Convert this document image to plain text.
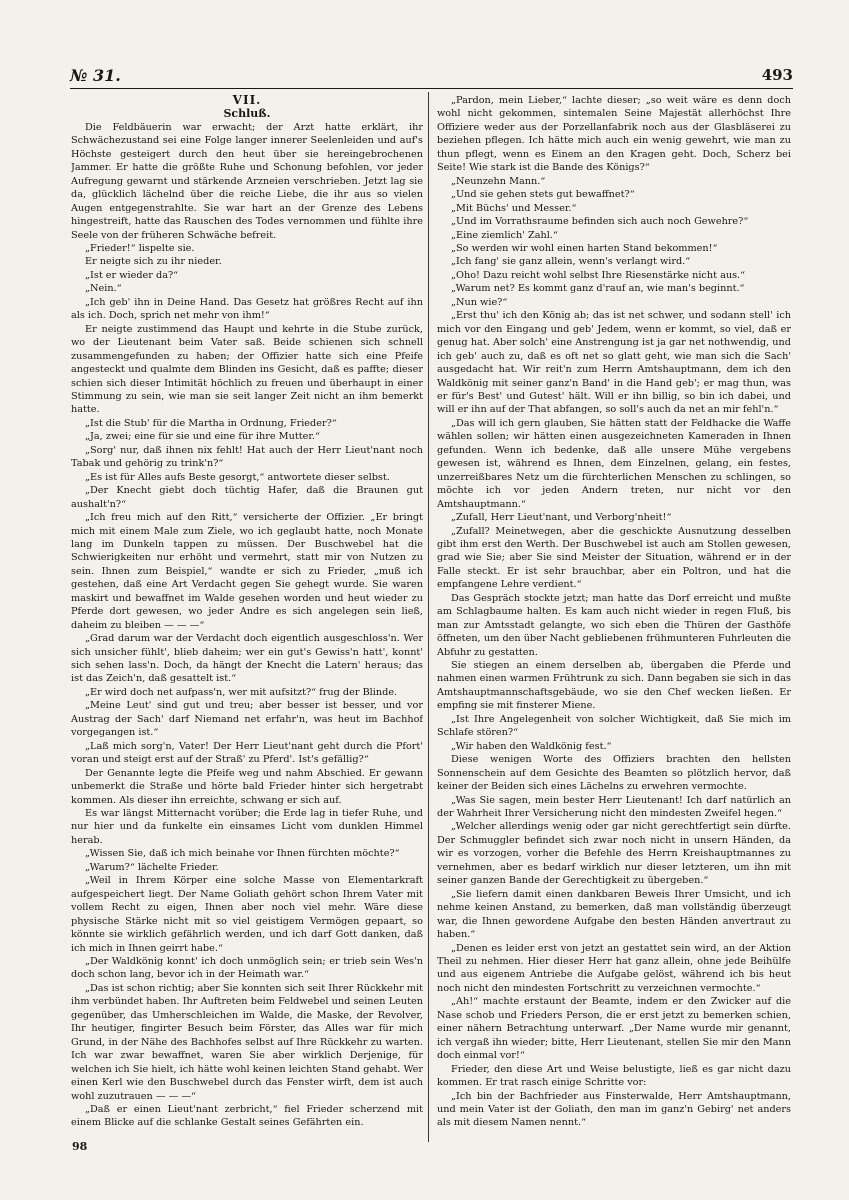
№ 31.	493

VII.

Schluß.

Die Feldbäuerin war erwacht; der Arzt hatte erklärt, ihr Schwächezustand sei eine Folge langer innerer Seelenleiden und auf's Höchste gesteigert durch den heut über sie hereingebrochenen Jammer. Er hatte die größte Ruhe und Schonung befohlen, vor jeder Aufregung gewarnt und stärkende Arzneien verschrieben. Jetzt lag sie da, glücklich lächelnd über die reiche Liebe, die ihr aus so vielen Augen entgegenstrahlte. Sie war hart an der Grenze des Lebens hingestreift, hatte das Rauschen des Todes vernommen und fühlte ihre Seele von der früheren Schwäche befreit.

„Frieder!“ lispelte sie.

Er neigte sich zu ihr nieder.

„Ist er wieder da?“

„Nein.“

„Ich geb' ihn in Deine Hand. Das Gesetz hat größres Recht auf ihn als ich. Doch, sprich net mehr von ihm!“

Er neigte zustimmend das Haupt und kehrte in die Stube zurück, wo der Lieutenant beim Vater saß. Beide schienen sich schnell zusammengefunden zu haben; der Offizier hatte sich eine Pfeife angesteckt und qualmte dem Blinden ins Gesicht, daß es paffte; dieser schien sich dieser Intimität höchlich zu freuen und überhaupt in einer Stimmung zu sein, wie man sie seit langer Zeit nicht an ihm bemerkt hatte.

„Ist die Stub' für die Martha in Ordnung, Frieder?“

„Ja, zwei; eine für sie und eine für ihre Mutter.“

„Sorg' nur, daß ihnen nix fehlt! Hat auch der Herr Lieut'nant noch Tabak und gehörig zu trink'n?“

„Es ist für Alles aufs Beste gesorgt,“ antwortete dieser selbst.

„Der Knecht giebt doch tüchtig Hafer, daß die Braunen gut aushalt'n?“

„Ich freu mich auf den Ritt,“ versicherte der Offizier. „Er bringt mich mit einem Male zum Ziele, wo ich geglaubt hatte, noch Monate lang im Dunkeln tappen zu müssen. Der Buschwebel hat die Schwierigkeiten nur erhöht und vermehrt, statt mir von Nutzen zu sein. Ihnen zum Beispiel,“ wandte er sich zu Frieder, „muß ich gestehen, daß eine Art Verdacht gegen Sie gehegt wurde. Sie waren maskirt und bewaffnet im Walde gesehen worden und heut wieder zu Pferde dort gewesen, wo jeder Andre es sich angelegen sein ließ, daheim zu bleiben — — —“

„Grad darum war der Verdacht doch eigentlich ausgeschloss'n. Wer sich unsicher fühlt', blieb daheim; wer ein gut's Gewiss'n hatt', konnt' sich sehen lass'n. Doch, da hängt der Knecht die Latern' heraus; das ist das Zeich'n, daß gesattelt ist.“

„Er wird doch net aufpass'n, wer mit aufsitzt?“ frug der Blinde.

„Meine Leut' sind gut und treu; aber besser ist besser, und vor Austrag der Sach' darf Niemand net erfahr'n, was heut im Bachhof vorgegangen ist.“

„Laß mich sorg'n, Vater! Der Herr Lieut'nant geht durch die Pfort' voran und steigt erst auf der Straß' zu Pferd'. Ist's gefällig?“

Der Genannte legte die Pfeife weg und nahm Abschied. Er gewann unbemerkt die Straße und hörte bald Frieder hinter sich hergetrabt kommen. Als dieser ihn erreichte, schwang er sich auf.

Es war längst Mitternacht vorüber; die Erde lag in tiefer Ruhe, und nur hier und da funkelte ein einsames Licht vom dunklen Himmel herab.

„Wissen Sie, daß ich mich beinahe vor Ihnen fürchten möchte?“

„Warum?“ lächelte Frieder.

„Weil in Ihrem Körper eine solche Masse von Elementarkraft aufgespeichert liegt. Der Name Goliath gehört schon Ihrem Vater mit vollem Recht zu eigen, Ihnen aber noch viel mehr. Wäre diese physische Stärke nicht mit so viel geistigem Vermögen gepaart, so könnte sie wirklich gefährlich werden, und ich darf Gott danken, daß ich mich in Ihnen geirrt habe.“

„Der Waldkönig konnt' ich doch unmöglich sein; er trieb sein Wes'n doch schon lang, bevor ich in der Heimath war.“

„Das ist schon richtig; aber Sie konnten sich seit Ihrer Rückkehr mit ihm verbündet haben. Ihr Auftreten beim Feldwebel und seinen Leuten gegenüber, das Umherschleichen im Walde, die Maske, der Revolver, Ihr heutiger, fingirter Besuch beim Förster, das Alles war für mich Grund, in der Nähe des Bachhofes selbst auf Ihre Rückkehr zu warten. Ich war zwar bewaffnet, waren Sie aber wirklich Derjenige, für welchen ich Sie hielt, ich hätte wohl keinen leichten Stand gehabt. Wer einen Kerl wie den Buschwebel durch das Fenster wirft, dem ist auch wohl zuzutrauen — — —“

„Daß er einen Lieut'nant zerbricht,“ fiel Frieder scherzend mit einem Blicke auf die schlanke Gestalt seines Gefährten ein.

„Pardon, mein Lieber,“ lachte dieser; „so weit wäre es denn doch wohl nicht gekommen, sintemalen Seine Majestät allerhöchst Ihre Offiziere weder aus der Porzellanfabrik noch aus der Glasbläserei zu beziehen pflegen. Ich hätte mich auch ein wenig gewehrt, wie man zu thun pflegt, wenn es Einem an den Kragen geht. Doch, Scherz bei Seite! Wie stark ist die Bande des Königs?“

„Neunzehn Mann.“

„Und sie gehen stets gut bewaffnet?“

„Mit Büchs' und Messer.“

„Und im Vorrathsraume befinden sich auch noch Gewehre?“

„Eine ziemlich' Zahl.“

„So werden wir wohl einen harten Stand bekommen!“

„Ich fang' sie ganz allein, wenn's verlangt wird.“

„Oho! Dazu reicht wohl selbst Ihre Riesenstärke nicht aus.“

„Warum net? Es kommt ganz d'rauf an, wie man's beginnt.“

„Nun wie?“

„Erst thu' ich den König ab; das ist net schwer, und sodann stell' ich mich vor den Eingang und geb' Jedem, wenn er kommt, so viel, daß er genug hat. Aber solch' eine Anstrengung ist ja gar net nothwendig, und ich geb' auch zu, daß es oft net so glatt geht, wie man sich die Sach' ausgedacht hat. Wir reit'n zum Herrn Amtshauptmann, dem ich den Waldkönig mit seiner ganz'n Band' in die Hand geb'; er mag thun, was er für's Best' und Gutest' hält. Will er ihn billig, so bin ich dabei, und will er ihn auf der That abfangen, so soll's auch da net an mir fehl'n.“

„Das will ich gern glauben, Sie hätten statt der Feldhacke die Waffe wählen sollen; wir hätten einen ausgezeichneten Kameraden in Ihnen gefunden. Wenn ich bedenke, daß alle unsere Mühe vergebens gewesen ist, während es Ihnen, dem Einzelnen, gelang, ein festes, unzerreißbares Netz um die fürchterlichen Menschen zu schlingen, so möchte ich vor jeden Andern treten, nur nicht vor den Amtshauptmann.“

„Zufall, Herr Lieut'nant, und Verborg'nheit!“

„Zufall? Meinetwegen, aber die geschickte Ausnutzung desselben gibt ihm erst den Werth. Der Buschwebel ist auch am Stollen gewesen, grad wie Sie; aber Sie sind Meister der Situation, während er in der Falle steckt. Er ist sehr brauchbar, aber ein Poltron, und hat die empfangene Lehre verdient.“

Das Gespräch stockte jetzt; man hatte das Dorf erreicht und mußte am Schlagbaume halten. Es kam auch nicht wieder in regen Fluß, bis man zur Amtsstadt gelangte, wo sich eben die Thüren der Gasthöfe öffneten, um den über Nacht gebliebenen frühmunteren Fuhrleuten die Abfuhr zu gestatten.

Sie stiegen an einem derselben ab, übergaben die Pferde und nahmen einen warmen Frühtrunk zu sich. Dann begaben sie sich in das Amtshauptmannschaftsgebäude, wo sie den Chef wecken ließen. Er empfing sie mit finsterer Miene.

„Ist Ihre Angelegenheit von solcher Wichtigkeit, daß Sie mich im Schlafe stören?“

„Wir haben den Waldkönig fest.“

Diese wenigen Worte des Offiziers brachten den hellsten Sonnenschein auf dem Gesichte des Beamten so plötzlich hervor, daß keiner der Beiden sich eines Lächelns zu erwehren vermochte.

„Was Sie sagen, mein bester Herr Lieutenant! Ich darf natürlich an der Wahrheit Ihrer Versicherung nicht den mindesten Zweifel hegen.“

„Welcher allerdings wenig oder gar nicht gerechtfertigt sein dürfte. Der Schmuggler befindet sich zwar noch nicht in unsern Händen, da wir es vorzogen, vorher die Befehle des Herrn Kreishauptmannes zu vernehmen, aber es bedarf wirklich nur dieser letzteren, um ihn mit seiner ganzen Bande der Gerechtigkeit zu übergeben.“

„Sie liefern damit einen dankbaren Beweis Ihrer Umsicht, und ich nehme keinen Anstand, zu bemerken, daß man vollständig überzeugt war, die Ihnen gewordene Aufgabe den besten Händen anvertraut zu haben.“

„Denen es leider erst von jetzt an gestattet sein wird, an der Aktion Theil zu nehmen. Hier dieser Herr hat ganz allein, ohne jede Beihülfe und aus eigenem Antriebe die Aufgabe gelöst, während ich bis heut noch nicht den mindesten Fortschritt zu verzeichnen vermochte.“

„Ah!“ machte erstaunt der Beamte, indem er den Zwicker auf die Nase schob und Frieders Person, die er erst jetzt zu bemerken schien, einer nähern Betrachtung unterwarf. „Der Name wurde mir genannt, ich vergaß ihn wieder; bitte, Herr Lieutenant, stellen Sie mir den Mann doch einmal vor!“

Frieder, den diese Art und Weise belustigte, ließ es gar nicht dazu kommen. Er trat rasch einige Schritte vor:

„Ich bin der Bachfrieder aus Finsterwalde, Herr Amtshauptmann, und mein Vater ist der Goliath, den man im ganz'n Gebirg' net anders als mit diesem Namen nennt.“

98
